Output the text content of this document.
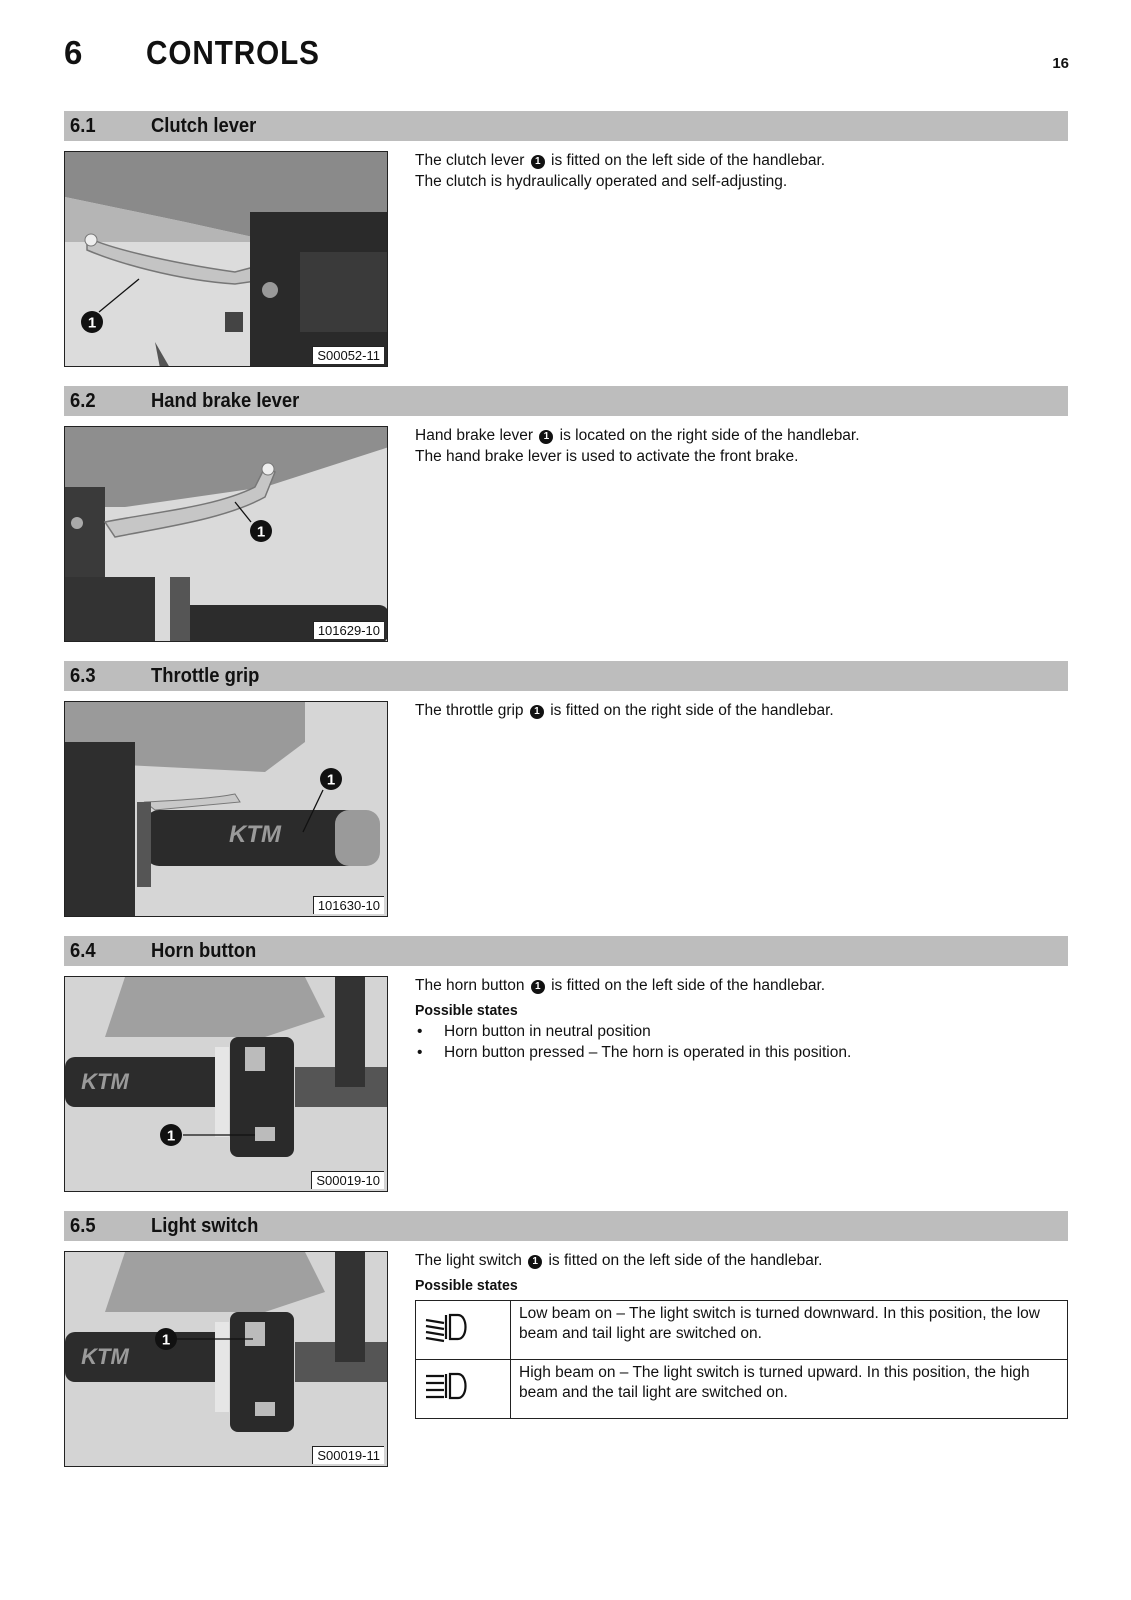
6 CONTROLS	16
6.1	Clutch lever
1
S00052-11

The clutch lever 1 is fitted on the left side of the handlebar.

The clutch is hydraulically operated and self-adjusting.

6.2	Hand brake lever
1
101629-10

Hand brake lever 1 is located on the right side of the handlebar.

The hand brake lever is used to activate the front brake.

6.3	Throttle grip
KTM
1
101630-10

The throttle grip 1 is fitted on the right side of the handlebar.

6.4	Horn button
KTM
1
S00019-10

The horn button 1 is fitted on the left side of the handlebar.

Possible states

• Horn button in neutral position
• Horn button pressed – The horn is operated in this position.
6.5	Light switch
KTM
1
S00019-11

The light switch 1 is fitted on the left side of the handlebar.

Possible states

	Low beam on – The light switch is turned downward. In this position, the low beam and tail light are switched on.
	High beam on – The light switch is turned upward. In this position, the high beam and the tail light are switched on.
